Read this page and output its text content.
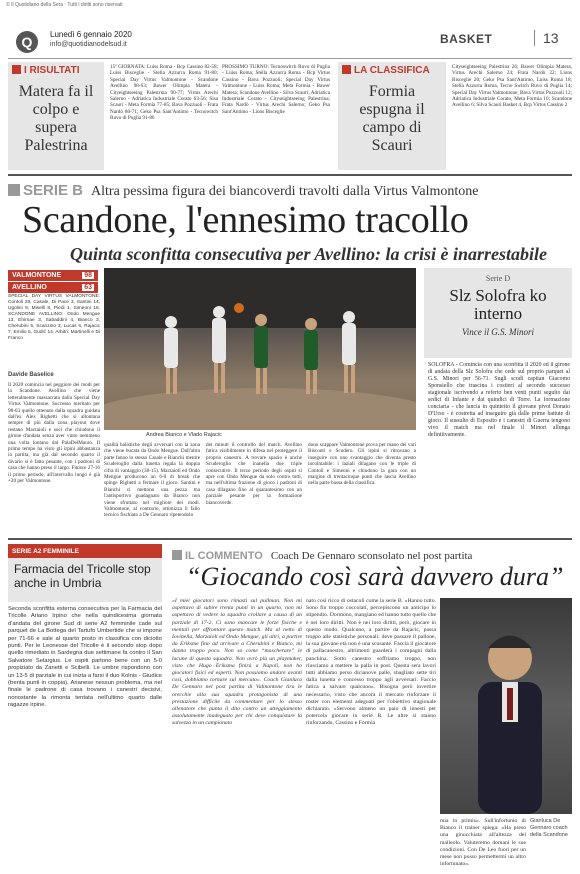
© Il Quotidiano della Sera · Tutti i diritti sono riservati
Q	Lunedì 6 gennaio 2020
info@quotidianodelsud.it	BASKET	13
I RISULTATI
Matera fa il colpo e supera Palestrina
15ª GIORNATA: Luiss Roma - Bcp Cassino 82-58; Luiss Bisceglie - Stella Azzurra Roma 91-80; Special Day Virtus Valmontone - Scandone Avellino 98-63; Bawer Olimpia Matera - Cityeightseeing Palestrina 90-77; Virtus Arechi Salerno - Adriatica Industriale Corato 63-56; Sisa Scauri - Meta Formia 77-85; Bava Pozzuoli - Frata Nardò 80-71; Geko Psa Sant'Antimo - Tecnowitch Ruvo di Puglia 91-86
PROSSIMO TURNO: Tecnoswitch Ruvo di Puglia - Luiss Roma; Stella Azzurra Roma - Bcp Virtus Cassino - Bava Pozzuoli; Special Day Virtus Valmontone - Luiss Roma; Meta Formia - Bawer Matera; Scandone Avellino - Silva Scauri; Adriatica Industriale Corato - Cityseightseeing Palestrina; Frata Nardò - Virtus Arechi Salerno; Geko Psa Sant'Antimo - Lions Bisceglie
LA CLASSIFICA
Formia espugna il campo di Scauri
Cityseightseeing Palestrina 26; Bawer Olimpia Matera, Virtus Arechi Salerno 24; Frata Nardò 22; Lions Bisceglie 20; Geko Psa Sant'Antimo, Luiss Roma 18; Stella Azzurra Roma, Tecno Switch Ruvo di Puglia 14; Special Day Virtus Valmontone, Bava Virtus Pozzuoli 12; Adriatica Industriale Corato, Meta Formia 10; Scandone Avellino 6; Silva Scauri Basket 4, Bcp Virtus Cassino 2
SERIE B Altra pessima figura dei biancoverdi travolti dalla Virtus Valmontone
Scandone, l'ennesimo tracollo
Quinta sconfitta consecutiva per Avellino: la crisi è inarrestabile
VALMONTONE	98
AVELLINO	63
SPECIAL DAY VIRTUS VALMONTONE: Contoli 29, Casale, Di Pace 3, Santini 14, Ugolini 9, Miselli 8, Piedi 1, Simeoni 16. SCANDONE AVELLINO: Ondo Mengue 13, Ehirnae 3, Sabaddini 4, Bianco 3, Cherubini 5, Scanzino 3, Lucas 6, Rajacic 7, Emilio 5, Gudić 14. Arbitri: Martinelli e Di Franco
Davide Baselice
Il 2020 comincia nel peggiore dei modi per la Scandone. Avellino che viene letteralmente massacrata dalla Special Day Virtus Valmontone. Successo meritato per 98-63 quello ottenuto dalla squadra guidata dall'ex Alex Righetti che si allontana sempre di più dalla zona playout dove restano Marzaioli e soci che chiudono il girone d'andata senza aver vinto nemmeno una volta lontano dal PalaDelMauro. Il primo tempo ha visto gli irpini abbastanza in partita, ma già dal secondo quarto il divario si è fatto pesante, con i padroni di casa che hanno preso il largo. Finisce 27-16 il primo periodo, all'intervallo lungo è già +20 per Valmontone.
Andrea Bianco e Vlado Rajacic
qualità balistiche degli avversari con la zona che viene bucata da Ondo Mengue. Dall'altra parte fanno lo stesso Casale e Bianchi mentre Scuderoglio dalla lunetta regala la doppia cifra di vantaggio (38-15). Marzaioli ed Ondo Mengue producono un 6-0 di break che spinge Righetti a fermare il gioco. Santini e Bianchi ci mettono una pezza ma l'antisportivo guadagnato da Bianco non viene sfruttato nel migliore dei modi. Valmontone, al contrario, ottimizza il fallo tecnico fischiato a De Gennaro ripetendolo
dei minuti il controllo del match. Avellino fatica visibilmente in difesa nel proteggere il proprio canestro. A trovare spazio è anche Scuderoglio che inanella due triple consecutive. Il terzo periodo degli ospiti si apre con Ondo Mengue da solo contro tutti, ma nell'ultima frazione di gioco i padroni di casa dilagano fino al quarantesimo con un parziale pesante per la formazione biancoverde.
dono scappare Valmontone prova per mano dei vari Bisconti e Scudero. Gli irpini si ritrovano a inseguire con uno svantaggio che diventa presto incolmabile: i laziali dilagano con le triple di Contoli e Simeoni e chiudono la gara con un margine di trentacinque punti che lascia Avellino nella parte bassa della classifica.
Serie D
Slz Solofra ko interno
Vince il G.S. Minori
SOLOFRA - Comincia con una sconfitta il 2020 ed il girone di andata della Slz Solofra che cede sul proprio parquet al G.S. Minori per 56-71. Sugli scudi capitan Giacomo Sponsiello che trascina i costieri al secondo successo stagionale iscrivendo a referto ben venti punti seguito dai sedici di Infante e dai quindici di Torre. La formazione conciaria - che lancia in quintetto il giovane pivot Donato D'Urso - è costretta ad inseguire già dalle prime battute di gioco. Il sussulto di Esposito e i canestri di Guerra tengono vivo il match ma nel finale il Minori allunga definitivamente.
SERIE A2 FEMMINILE
Farmacia del Tricolle stop anche in Umbria
Seconda sconfitta esterna consecutiva per la Farmacia del Tricolle Ariano Irpino che nella quindicesima giornata d'andata del girone Sud di serie A2 femminile cade sul parquet de La Bottega del Tartufo Umbertide che si impone per 71-66 e sale al quarto posto in classifica con diciotto punti. Per le Leonesse del Tricolle è il secondo stop dopo quello rimediato in Sardegna due settimane fa contro il San Salvatore Selargius. Le ospiti partono bene con un 5-0 propiziato da Zanetti e Scibelli. Le umbre rispondono con un 13-5 di parziale in cui inizia a farsi il duo Kolnis - Giudice (trenta punti in coppia). Arianese nessun problema, ma nel finale le padrone di casa trovano i canestri decisivi, nonostante la rimonta tentata nell'ultimo quarto dalle ragazze irpine.
IL COMMENTO Coach De Gennaro sconsolato nel post partita
“Giocando così sarà davvero dura”
«I miei giocatori sono rimasti sul pullman. Non mi aspettavo di subire trenta punti in un quarto, non mi aspettavo di vedere la squadra crollare a causa di un parziale di 17-2. Ci sono mancate le forze fisiche e mentali per affrontare questo match. Ma al netto di Iovinella, Marzaioli ed Ondo Mengue, gli altri, a partire da Eriksme fino ad arrivare a Cherubini e Bianco, mi danno troppo poco. Non so come “mascherare” le lacune di questa squadra. Non avrò più un playmaker, visto che Hugo Eriksma finirà a Napoli, non ho giocatori fisici ed esperti. Non possiamo andare avanti così, dobbiamo tornare sul mercato». Coach Gianluca De Gennaro nel post partita di Valmontone tira le orecchie alla sua squadra protagonista di una prestazione difficile da commentare per lo stesso allenatore che punta il dito contro un atteggiamento assolutamente inadeguato per chi deve conquistare la salvezza in un campionato
nato così ricco di ostacoli come la serie B. «Hanno tutto. Sono fin troppo coccolati, percepiscono un anticipo lo stipendio. Dormono, mangiano ed hanno tutto quello che è nei loro diritti. Non è nei loro diritti, però, giocare in questo modo. Qualcuno, a partire da Rajacic, passa troppo alle statistiche personali: deve passare il pallone, la sua giovane età non è una scusante. Faccia il giocatore di pallacanestro, altrimenti guarderà i compagni dalla panchina. Sotto canestro soffriamo troppo, non riusciamo a mettere la palla in post. Questa sera lavori tutti abbiamo perso dicianove palle, sbagliato sette tiri dalla lunetta e concesso troppo agli avversari. Faccio fatica a salvare qualcuno». Bisogna però invertire necessario, visto che ancora il mercato rinforzare il roster con elementi adeguati per l'obiettivo stagionale dichiarato. «Servono almeno un paio di innesti per potercela giocare in serie B. Le altre si stanno rinforzando, Cassino e Formia
mia in primis». Sull'infortunio di Bianco il trainer spiega: «Ha preso una ginocchiata all'altezza del malleolo. Valuteremo domani le sue condizioni. Con De Leo fuori per un mese non posso permettermi un altro infortunato».
Gianluca De Gennaro coach della Scandone
